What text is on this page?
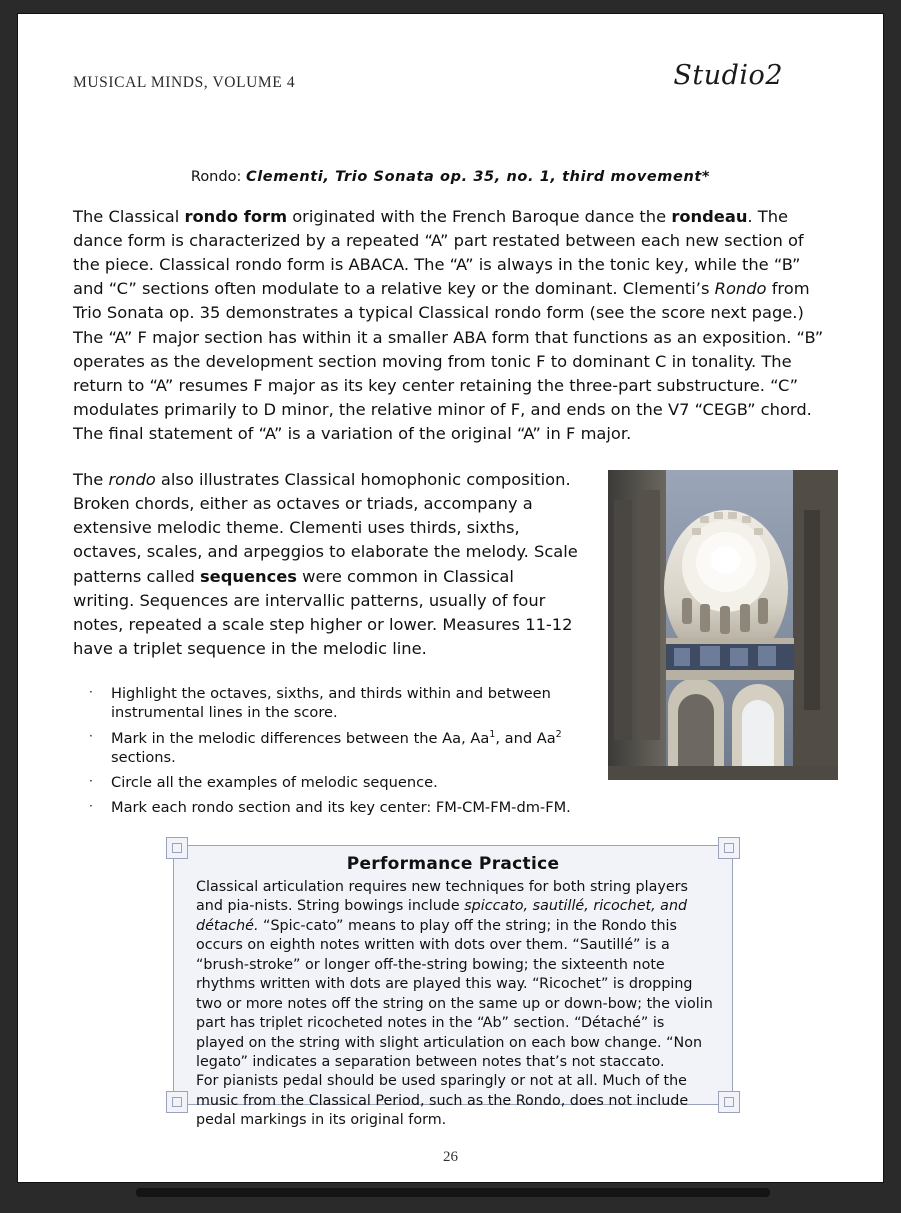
MUSICAL MINDS, VOLUME 4	Studio2
Rondo: Clementi, Trio Sonata op. 35, no. 1, third movement*
The Classical rondo form originated with the French Baroque dance the rondeau. The dance form is characterized by a repeated “A” part restated between each new section of the piece. Classical rondo form is ABACA. The “A” is always in the tonic key, while the “B” and “C” sections often modulate to a relative key or the dominant. Clementi’s Rondo from Trio Sonata op. 35 demonstrates a typical Classical rondo form (see the score next page.) The “A” F major section has within it a smaller ABA form that functions as an exposition. “B” operates as the development section moving from tonic F to dominant C in tonality. The return to “A” resumes F major as its key center retaining the three-part substructure. “C” modulates primarily to D minor, the relative minor of F, and ends on the V7 “CEGB” chord. The final statement of “A” is a variation of the original “A” in F major.
The rondo also illustrates Classical homophonic composition. Broken chords, either as octaves or triads, accompany a extensive melodic theme. Clementi uses thirds, sixths, octaves, scales, and arpeggios to elaborate the melody. Scale patterns called sequences were common in Classical writing. Sequences are intervallic patterns, usually of four notes, repeated a scale step higher or lower. Measures 11-12 have a triplet sequence in the melodic line.
· Highlight the octaves, sixths, and thirds within and between instrumental lines in the score.
· Mark in the melodic differences between the Aa, Aa$^1$, and Aa$^2$ sections.
· Circle all the examples of melodic sequence.
· Mark each rondo section and its key center: FM-CM-FM-dm-FM.
Performance Practice

Classical articulation requires new techniques for both string players and pia-nists. String bowings include spiccato, sautillé, ricochet, and détaché. “Spic-cato” means to play off the string; in the Rondo this occurs on eighth notes written with dots over them. “Sautillé” is a “brush-stroke” or longer off-the-string bowing; the sixteenth note rhythms written with dots are played this way. “Ricochet” is dropping two or more notes off the string on the same up or down-bow; the violin part has triplet ricocheted notes in the “Ab” section. “Détaché” is played on the string with slight articulation on each bow change. “Non legato” indicates a separation between notes that’s not staccato.

For pianists pedal should be used sparingly or not at all. Much of the music from the Classical Period, such as the Rondo, does not include pedal markings in its original form.

26
